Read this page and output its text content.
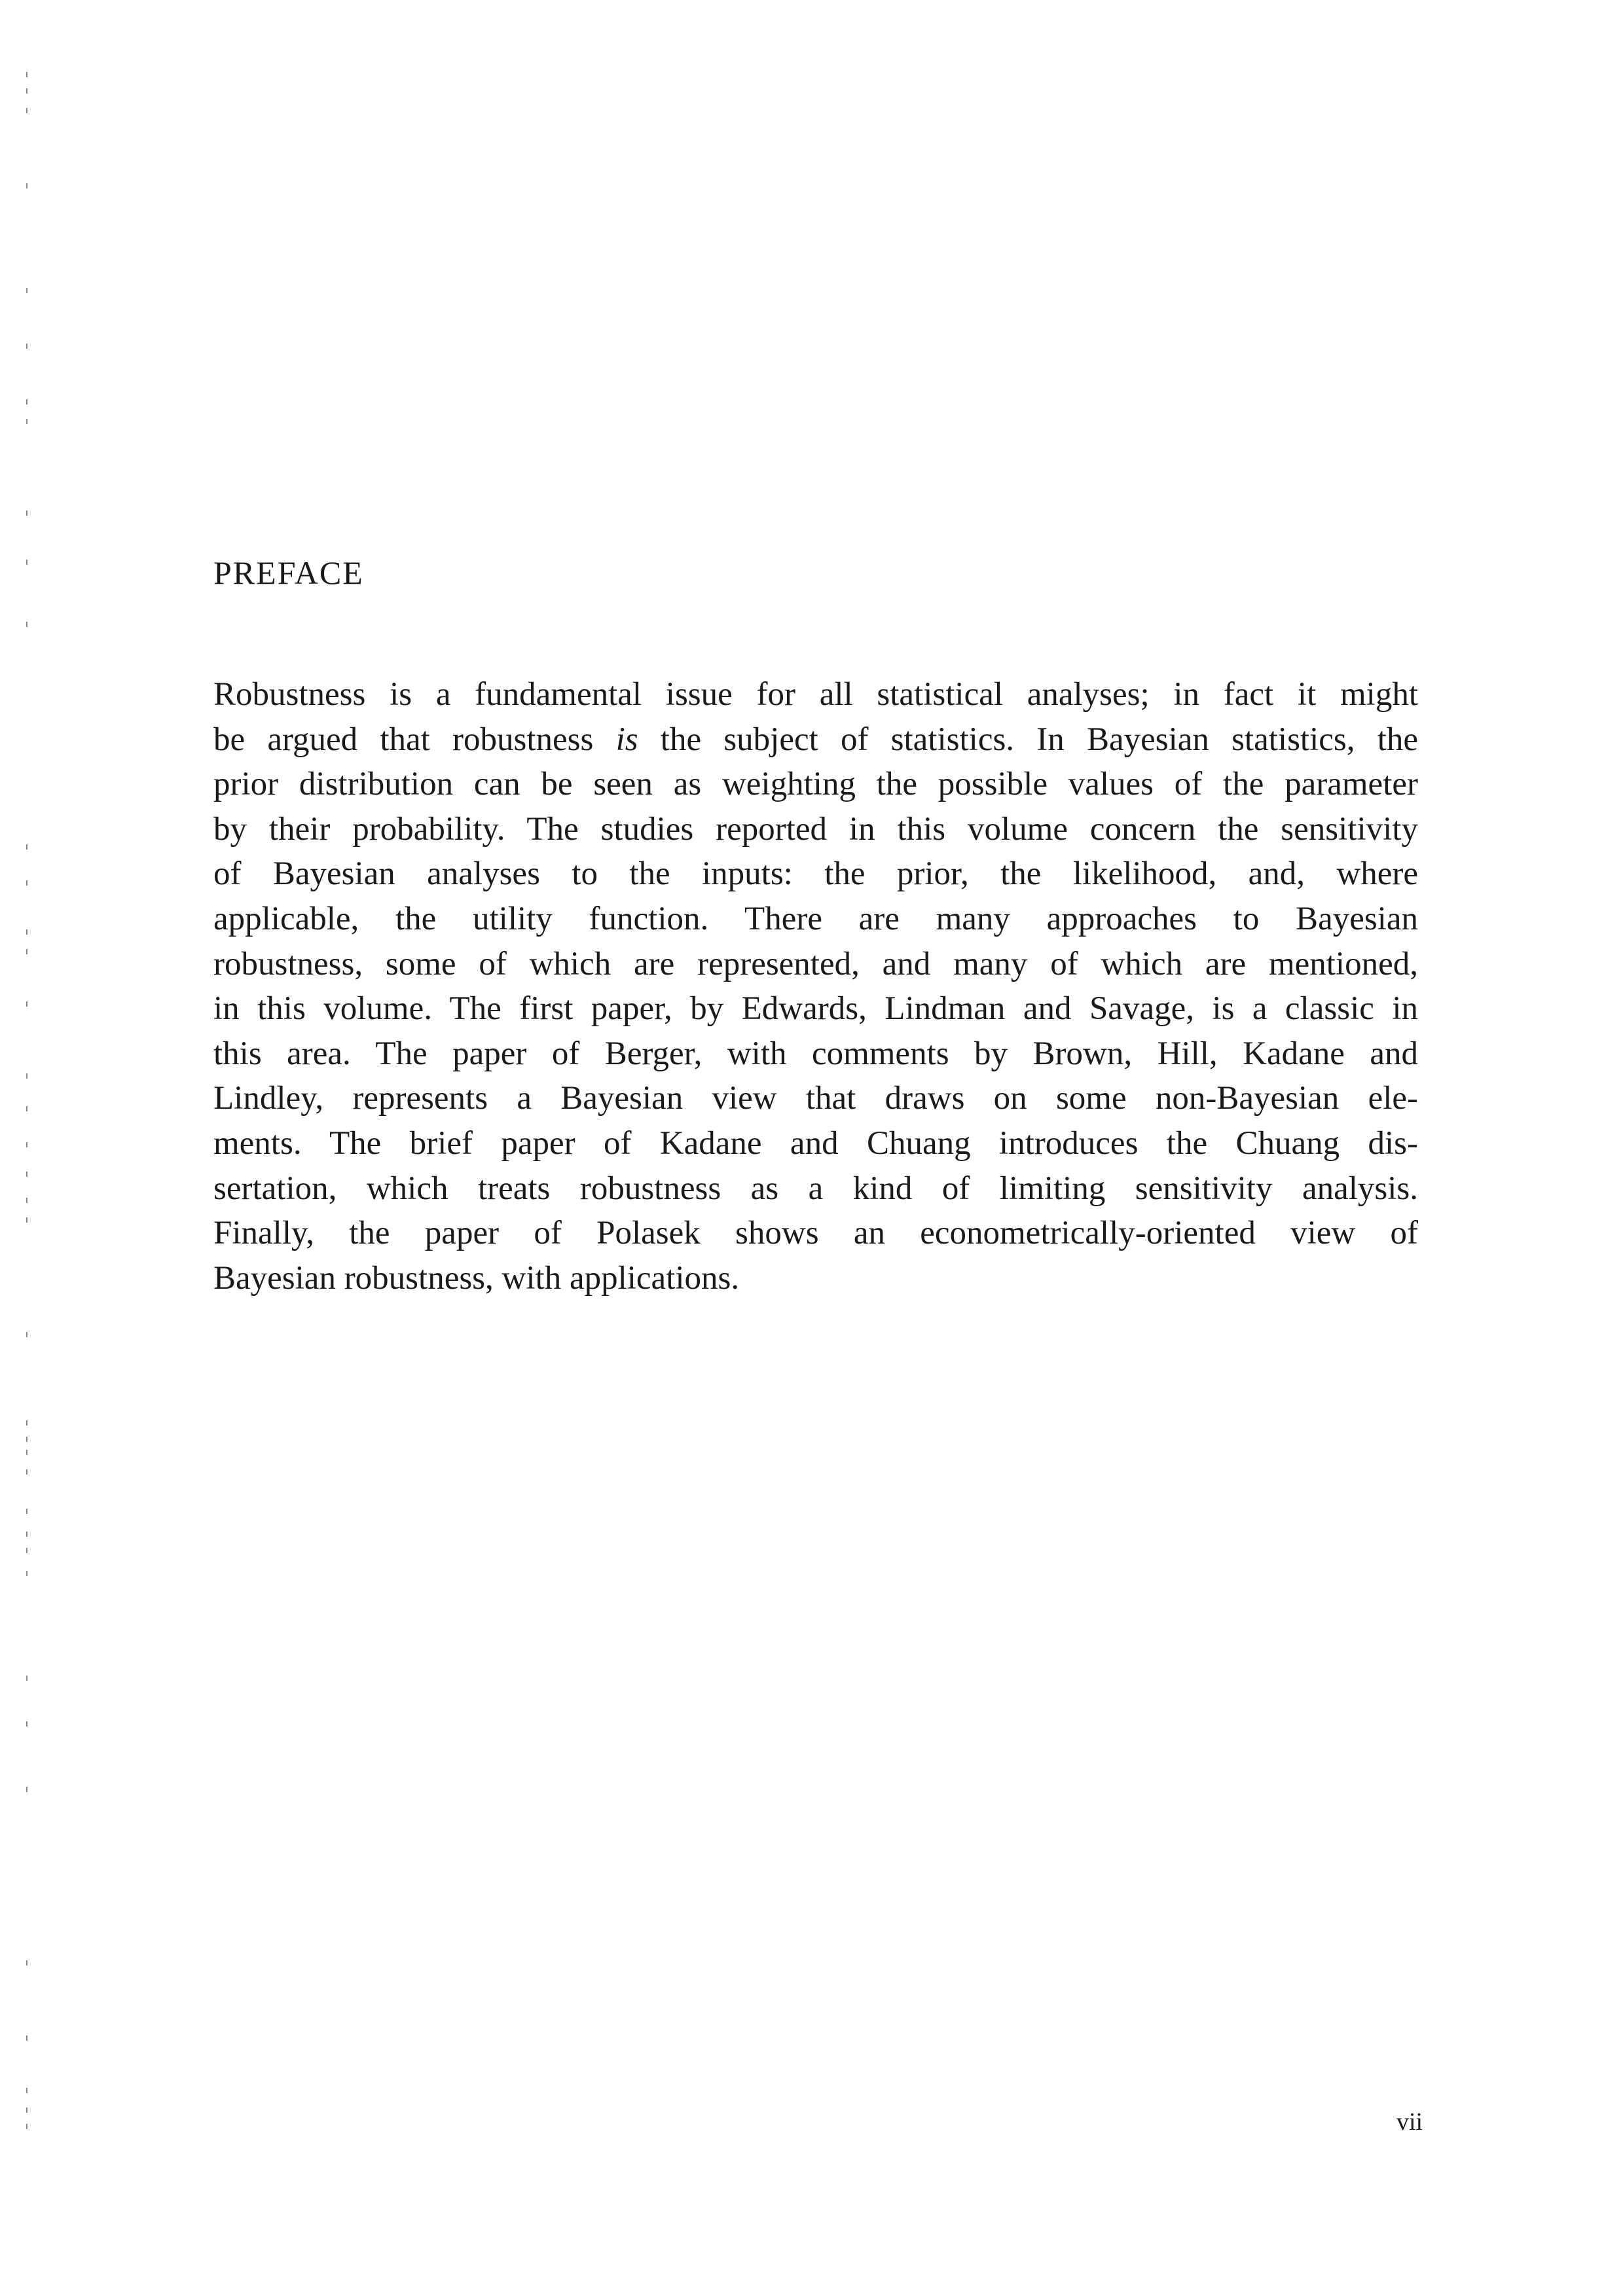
PREFACE

Robustness is a fundamental issue for all statistical analyses; in fact it might
be argued that robustness is the subject of statistics. In Bayesian statistics, the
prior distribution can be seen as weighting the possible values of the parameter
by their probability. The studies reported in this volume concern the sensitivity
of Bayesian analyses to the inputs: the prior, the likelihood, and, where
applicable, the utility function. There are many approaches to Bayesian
robustness, some of which are represented, and many of which are mentioned,
in this volume. The first paper, by Edwards, Lindman and Savage, is a classic in
this area. The paper of Berger, with comments by Brown, Hill, Kadane and
Lindley, represents a Bayesian view that draws on some non-Bayesian ele-
ments. The brief paper of Kadane and Chuang introduces the Chuang dis-
sertation, which treats robustness as a kind of limiting sensitivity analysis.
Finally, the paper of Polasek shows an econometrically-oriented view of
Bayesian robustness, with applications.

vii
